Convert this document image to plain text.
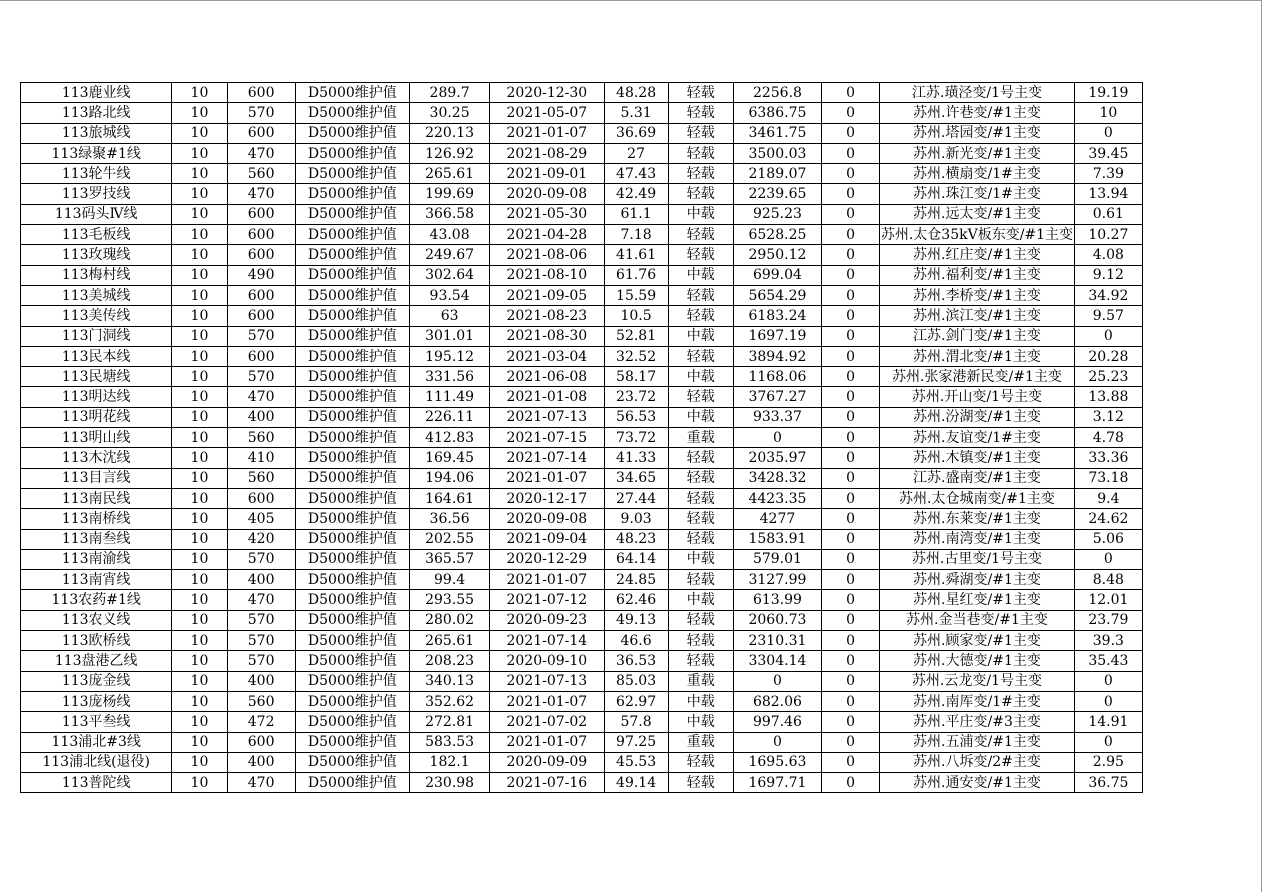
113鹿业线	10	600	D5000维护值	289.7	2020-12-30	48.28	轻载	2256.8	0	江苏.璜泾变/1号主变	19.19
113路北线	10	570	D5000维护值	30.25	2021-05-07	5.31	轻载	6386.75	0	苏州.许巷变/#1主变	10
113旅城线	10	600	D5000维护值	220.13	2021-01-07	36.69	轻载	3461.75	0	苏州.塔园变/#1主变	0
113绿聚#1线	10	470	D5000维护值	126.92	2021-08-29	27	轻载	3500.03	0	苏州.新光变/#1主变	39.45
113轮牛线	10	560	D5000维护值	265.61	2021-09-01	47.43	轻载	2189.07	0	苏州.横扇变/1#主变	7.39
113罗技线	10	470	D5000维护值	199.69	2020-09-08	42.49	轻载	2239.65	0	苏州.珠江变/1#主变	13.94
113码头Ⅳ线	10	600	D5000维护值	366.58	2021-05-30	61.1	中载	925.23	0	苏州.远太变/#1主变	0.61
113毛板线	10	600	D5000维护值	43.08	2021-04-28	7.18	轻载	6528.25	0	苏州.太仓35kV板东变/#1主变	10.27
113玫瑰线	10	600	D5000维护值	249.67	2021-08-06	41.61	轻载	2950.12	0	苏州.红庄变/#1主变	4.08
113梅村线	10	490	D5000维护值	302.64	2021-08-10	61.76	中载	699.04	0	苏州.福利变/#1主变	9.12
113美城线	10	600	D5000维护值	93.54	2021-09-05	15.59	轻载	5654.29	0	苏州.李桥变/#1主变	34.92
113美传线	10	600	D5000维护值	63	2021-08-23	10.5	轻载	6183.24	0	苏州.滨江变/#1主变	9.57
113门洞线	10	570	D5000维护值	301.01	2021-08-30	52.81	中载	1697.19	0	江苏.剑门变/#1主变	0
113民本线	10	600	D5000维护值	195.12	2021-03-04	32.52	轻载	3894.92	0	苏州.渭北变/#1主变	20.28
113民塘线	10	570	D5000维护值	331.56	2021-06-08	58.17	中载	1168.06	0	苏州.张家港新民变/#1主变	25.23
113明达线	10	470	D5000维护值	111.49	2021-01-08	23.72	轻载	3767.27	0	苏州.开山变/1号主变	13.88
113明花线	10	400	D5000维护值	226.11	2021-07-13	56.53	中载	933.37	0	苏州.汾湖变/#1主变	3.12
113明山线	10	560	D5000维护值	412.83	2021-07-15	73.72	重载	0	0	苏州.友谊变/1#主变	4.78
113木沈线	10	410	D5000维护值	169.45	2021-07-14	41.33	轻载	2035.97	0	苏州.木镇变/#1主变	33.36
113目言线	10	560	D5000维护值	194.06	2021-01-07	34.65	轻载	3428.32	0	江苏.盛南变/#1主变	73.18
113南民线	10	600	D5000维护值	164.61	2020-12-17	27.44	轻载	4423.35	0	苏州.太仓城南变/#1主变	9.4
113南桥线	10	405	D5000维护值	36.56	2020-09-08	9.03	轻载	4277	0	苏州.东莱变/#1主变	24.62
113南叁线	10	420	D5000维护值	202.55	2021-09-04	48.23	轻载	1583.91	0	苏州.南湾变/#1主变	5.06
113南渝线	10	570	D5000维护值	365.57	2020-12-29	64.14	中载	579.01	0	苏州.古里变/1号主变	0
113南宵线	10	400	D5000维护值	99.4	2021-01-07	24.85	轻载	3127.99	0	苏州.舜湖变/#1主变	8.48
113农药#1线	10	470	D5000维护值	293.55	2021-07-12	62.46	中载	613.99	0	苏州.星红变/#1主变	12.01
113农义线	10	570	D5000维护值	280.02	2020-09-23	49.13	轻载	2060.73	0	苏州.金当巷变/#1主变	23.79
113欧桥线	10	570	D5000维护值	265.61	2021-07-14	46.6	轻载	2310.31	0	苏州.顾家变/#1主变	39.3
113盘港乙线	10	570	D5000维护值	208.23	2020-09-10	36.53	轻载	3304.14	0	苏州.大德变/#1主变	35.43
113庞金线	10	400	D5000维护值	340.13	2021-07-13	85.03	重载	0	0	苏州.云龙变/1号主变	0
113庞杨线	10	560	D5000维护值	352.62	2021-01-07	62.97	中载	682.06	0	苏州.南厍变/1#主变	0
113平叁线	10	472	D5000维护值	272.81	2021-07-02	57.8	中载	997.46	0	苏州.平庄变/#3主变	14.91
113浦北#3线	10	600	D5000维护值	583.53	2021-01-07	97.25	重载	0	0	苏州.五浦变/#1主变	0
113浦北线(退役)	10	400	D5000维护值	182.1	2020-09-09	45.53	轻载	1695.63	0	苏州.八坼变/2#主变	2.95
113普陀线	10	470	D5000维护值	230.98	2021-07-16	49.14	轻载	1697.71	0	苏州.通安变/#1主变	36.75
